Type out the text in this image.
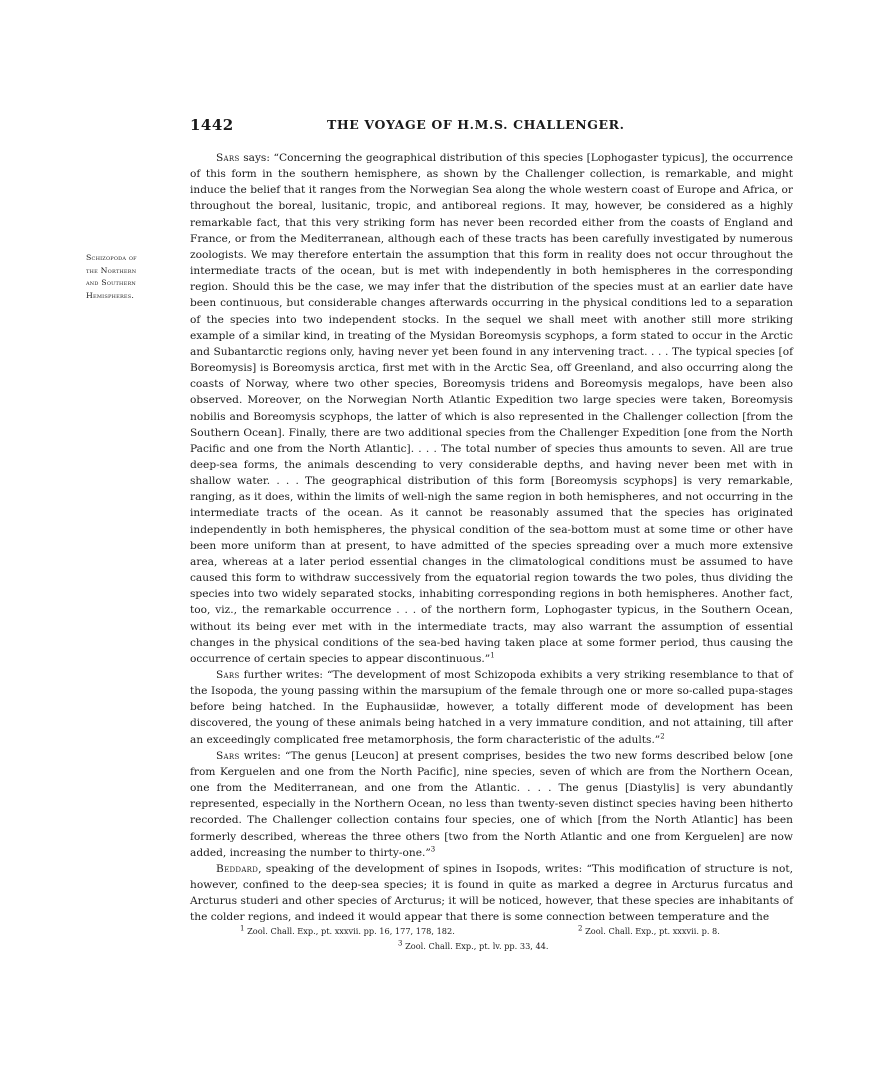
1442	THE VOYAGE OF H.M.S. CHALLENGER.
Schizopoda of
the Northern
and Southern
Hemispheres.

Sars says: “Concerning the geographical distribution of this species [Lophogaster typicus], the occurrence of this form in the southern hemisphere, as shown by the Challenger collection, is remarkable, and might induce the belief that it ranges from the Norwegian Sea along the whole western coast of Europe and Africa, or throughout the boreal, lusitanic, tropic, and antiboreal regions. It may, however, be considered as a highly remarkable fact, that this very striking form has never been recorded either from the coasts of England and France, or from the Mediterranean, although each of these tracts has been carefully investigated by numerous zoologists. We may therefore entertain the assumption that this form in reality does not occur throughout the intermediate tracts of the ocean, but is met with independently in both hemispheres in the corresponding region. Should this be the case, we may infer that the distribution of the species must at an earlier date have been continuous, but considerable changes afterwards occurring in the physical conditions led to a separation of the species into two independent stocks. In the sequel we shall meet with another still more striking example of a similar kind, in treating of the Mysidan Boreomysis scyphops, a form stated to occur in the Arctic and Subantarctic regions only, having never yet been found in any intervening tract. . . . The typical species [of Boreomysis] is Boreomysis arctica, first met with in the Arctic Sea, off Greenland, and also occurring along the coasts of Norway, where two other species, Boreomysis tridens and Boreomysis megalops, have been also observed. Moreover, on the Norwegian North Atlantic Expedition two large species were taken, Boreomysis nobilis and Boreomysis scyphops, the latter of which is also represented in the Challenger collection [from the Southern Ocean]. Finally, there are two additional species from the Challenger Expedition [one from the North Pacific and one from the North Atlantic]. . . . The total number of species thus amounts to seven. All are true deep-sea forms, the animals descending to very considerable depths, and having never been met with in shallow water. . . . The geographical distribution of this form [Boreomysis scyphops] is very remarkable, ranging, as it does, within the limits of well-nigh the same region in both hemispheres, and not occurring in the intermediate tracts of the ocean. As it cannot be reasonably assumed that the species has originated independently in both hemispheres, the physical condition of the sea-bottom must at some time or other have been more uniform than at present, to have admitted of the species spreading over a much more extensive area, whereas at a later period essential changes in the climatological conditions must be assumed to have caused this form to withdraw successively from the equatorial region towards the two poles, thus dividing the species into two widely separated stocks, inhabiting corresponding regions in both hemispheres. Another fact, too, viz., the remarkable occurrence . . . of the northern form, Lophogaster typicus, in the Southern Ocean, without its being ever met with in the intermediate tracts, may also warrant the assumption of essential changes in the physical conditions of the sea-bed having taken place at some former period, thus causing the occurrence of certain species to appear discontinuous.”$^1$

Sars further writes: “The development of most Schizopoda exhibits a very striking resemblance to that of the Isopoda, the young passing within the marsupium of the female through one or more so-called pupa-stages before being hatched. In the Euphausiidæ, however, a totally different mode of development has been discovered, the young of these animals being hatched in a very immature condition, and not attaining, till after an exceedingly complicated free metamorphosis, the form characteristic of the adults.”$^2$

Sars writes: “The genus [Leucon] at present comprises, besides the two new forms described below [one from Kerguelen and one from the North Pacific], nine species, seven of which are from the Northern Ocean, one from the Mediterranean, and one from the Atlantic. . . . The genus [Diastylis] is very abundantly represented, especially in the Northern Ocean, no less than twenty-seven distinct species having been hitherto recorded. The Challenger collection contains four species, one of which [from the North Atlantic] has been formerly described, whereas the three others [two from the North Atlantic and one from Kerguelen] are now added, increasing the number to thirty-one.”$^3$

Beddard, speaking of the development of spines in Isopods, writes: “This modification of structure is not, however, confined to the deep-sea species; it is found in quite as marked a degree in Arcturus furcatus and Arcturus studeri and other species of Arcturus; it will be noticed, however, that these species are inhabitants of the colder regions, and indeed it would appear that there is some connection between temperature and the

$^1$ Zool. Chall. Exp., pt. xxxvii. pp. 16, 177, 178, 182.	$^2$ Zool. Chall. Exp., pt. xxxvii. p. 8.
$^3$ Zool. Chall. Exp., pt. lv. pp. 33, 44.
